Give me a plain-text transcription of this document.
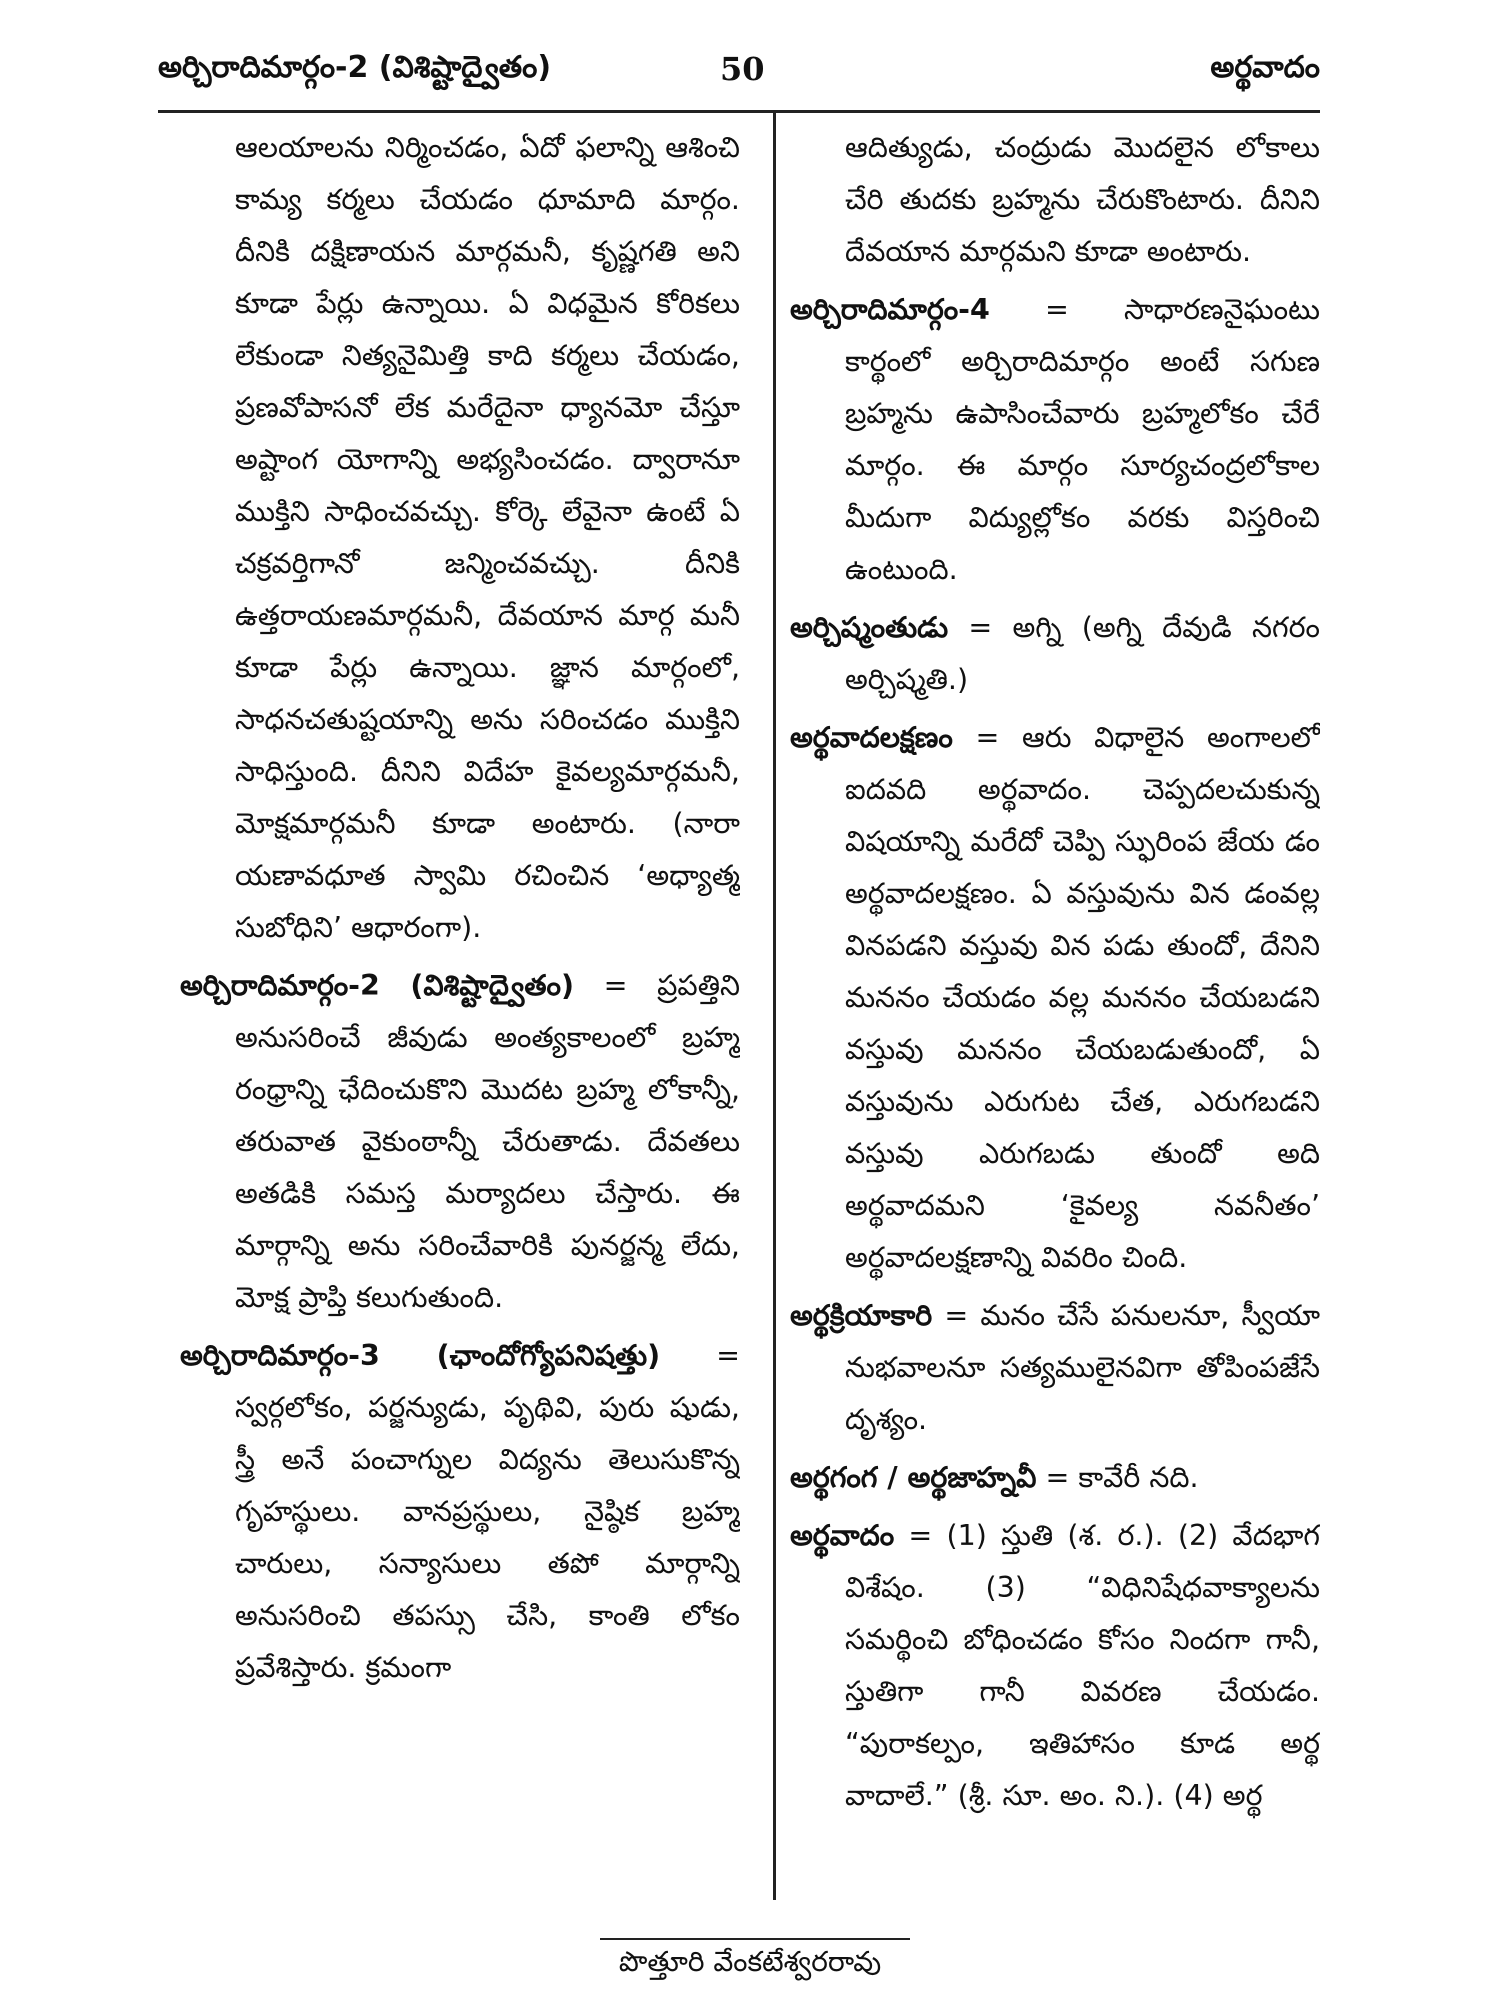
అర్చిరాదిమార్గం-2 (విశిష్టాద్వైతం)	50	అర్థవాదం

ఆలయాలను నిర్మించడం, ఏదో ఫలాన్ని ఆశించి కామ్య కర్మలు చేయడం ధూమాది మార్గం. దీనికి దక్షిణాయన మార్గమనీ, కృష్ణగతి అని కూడా పేర్లు ఉన్నాయి. ఏ విధమైన కోరికలు లేకుండా నిత్యనైమిత్తి కాది కర్మలు చేయడం, ప్రణవోపాసనో లేక మరేదైనా ధ్యానమో చేస్తూ అష్టాంగ యోగాన్ని అభ్యసించడం. ద్వారానూ ముక్తిని సాధించవచ్చు. కోర్కె లేవైనా ఉంటే ఏ చక్రవర్తిగానో జన్మించవచ్చు. దీనికి ఉత్తరాయణమార్గమనీ, దేవయాన మార్గ మనీ కూడా పేర్లు ఉన్నాయి. జ్ఞాన మార్గంలో, సాధనచతుష్టయాన్ని అను సరించడం ముక్తిని సాధిస్తుంది. దీనిని విదేహ కైవల్యమార్గమనీ, మోక్షమార్గమనీ కూడా అంటారు. (నారా యణావధూత స్వామి రచించిన ‘అధ్యాత్మ సుబోధిని’ ఆధారంగా).

అర్చిరాదిమార్గం-2 (విశిష్టాద్వైతం) = ప్రపత్తిని అనుసరించే జీవుడు అంత్యకాలంలో బ్రహ్మ రంధ్రాన్ని ఛేదించుకొని మొదట బ్రహ్మ లోకాన్నీ, తరువాత వైకుంఠాన్నీ చేరుతాడు. దేవతలు అతడికి సమస్త మర్యాదలు చేస్తారు. ఈ మార్గాన్ని అను సరించేవారికి పునర్జన్మ లేదు, మోక్ష ప్రాప్తి కలుగుతుంది.

అర్చిరాదిమార్గం-3 (ఛాందోగ్యోపనిషత్తు) = స్వర్గలోకం, పర్జన్యుడు, పృథివి, పురు షుడు, స్త్రీ అనే పంచాగ్నుల విద్యను తెలుసుకొన్న గృహస్థులు. వానప్రస్థులు, నైష్ఠిక బ్రహ్మ చారులు, సన్యాసులు తపో మార్గాన్ని అనుసరించి తపస్సు చేసి, కాంతి లోకం ప్రవేశిస్తారు. క్రమంగా

ఆదిత్యుడు, చంద్రుడు మొదలైన లోకాలు చేరి తుదకు బ్రహ్మను చేరుకొంటారు. దీనిని దేవయాన మార్గమని కూడా అంటారు.

అర్చిరాదిమార్గం-4 = సాధారణనైఘంటు కార్థంలో అర్చిరాదిమార్గం అంటే సగుణ బ్రహ్మను ఉపాసించేవారు బ్రహ్మలోకం చేరే మార్గం. ఈ మార్గం సూర్యచంద్రలోకాల మీదుగా విద్యుల్లోకం వరకు విస్తరించి ఉంటుంది.

అర్చిష్మంతుడు = అగ్ని (అగ్ని దేవుడి నగరం అర్చిష్మతి.)

అర్థవాదలక్షణం = ఆరు విధాలైన అంగాలలో ఐదవది అర్థవాదం. చెప్పదలచుకున్న విషయాన్ని మరేదో చెప్పి స్ఫురింప జేయ డం అర్థవాదలక్షణం. ఏ వస్తువును విన డంవల్ల వినపడని వస్తువు విన పడు తుందో, దేనిని మననం చేయడం వల్ల మననం చేయబడని వస్తువు మననం చేయబడుతుందో, ఏ వస్తువును ఎరుగుట చేత, ఎరుగబడని వస్తువు ఎరుగబడు తుందో అది అర్థవాదమని ‘కైవల్య నవనీతం’ అర్థవాదలక్షణాన్ని వివరిం చింది.

అర్థక్రియాకారి = మనం చేసే పనులనూ, స్వీయా నుభవాలనూ సత్యములైనవిగా తోపింపజేసే దృశ్యం.

అర్థగంగ / అర్థజాహ్నవీ = కావేరీ నది.

అర్థవాదం = (1) స్తుతి (శ. ర.). (2) వేదభాగ విశేషం. (3) “విధినిషేధవాక్యాలను సమర్థించి బోధించడం కోసం నిందగా గానీ, స్తుతిగా గానీ వివరణ చేయడం. “పురాకల్పం, ఇతిహాసం కూడ అర్థ వాదాలే.” (శ్రీ. సూ. అం. ని.). (4) అర్థ

పొత్తూరి వేంకటేశ్వరరావు
